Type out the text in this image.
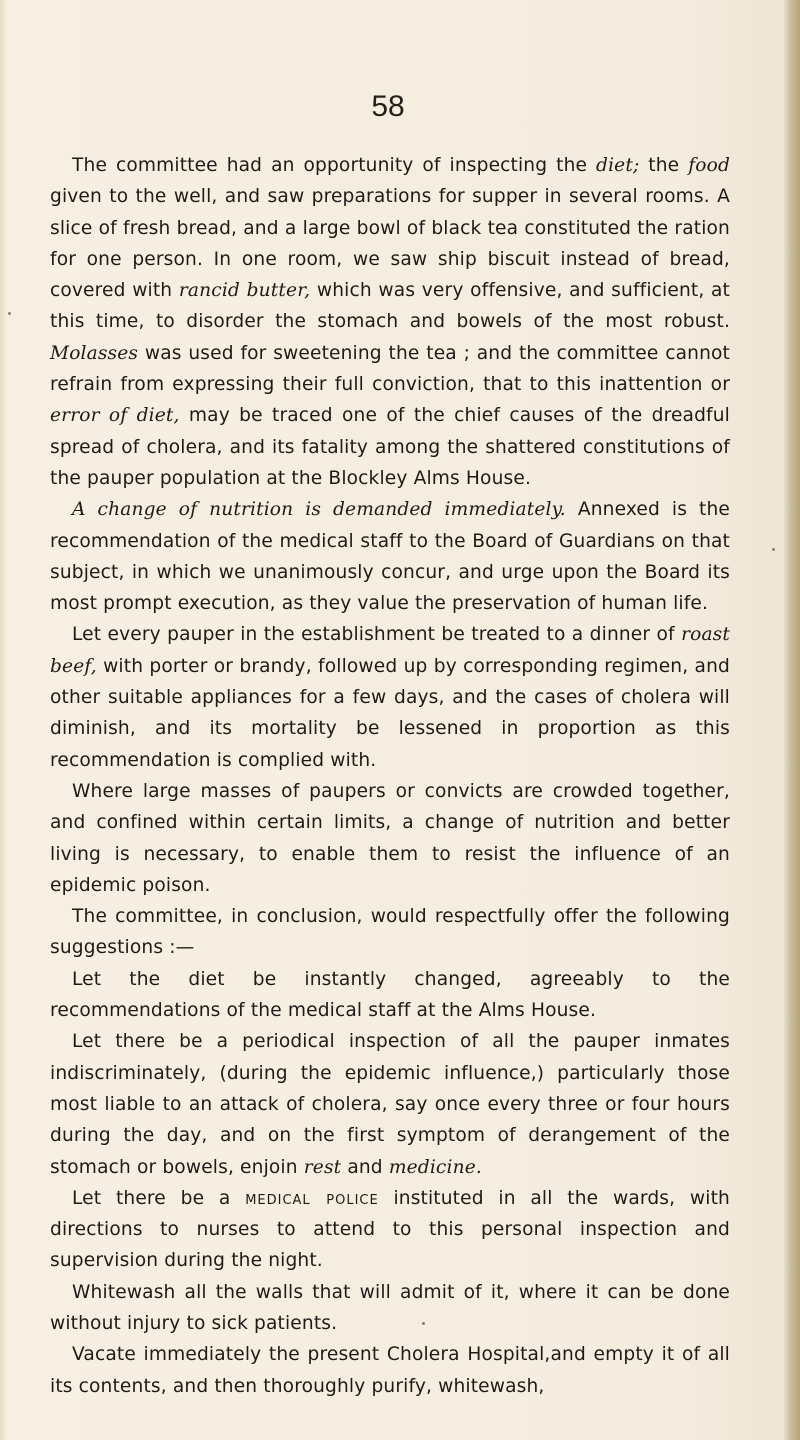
58

The committee had an opportunity of inspecting the diet; the food given to the well, and saw preparations for supper in several rooms. A slice of fresh bread, and a large bowl of black tea constituted the ration for one person. In one room, we saw ship biscuit instead of bread, covered with rancid butter, which was very offensive, and sufficient, at this time, to disorder the stomach and bowels of the most robust. Molasses was used for sweetening the tea ; and the committee cannot refrain from expressing their full conviction, that to this inattention or error of diet, may be traced one of the chief causes of the dreadful spread of cholera, and its fatality among the shattered constitutions of the pauper population at the Blockley Alms House.

A change of nutrition is demanded immediately. Annexed is the recommendation of the medical staff to the Board of Guardians on that subject, in which we unanimously concur, and urge upon the Board its most prompt execution, as they value the preservation of human life.

Let every pauper in the establishment be treated to a dinner of roast beef, with porter or brandy, followed up by corresponding regimen, and other suitable appliances for a few days, and the cases of cholera will diminish, and its mortality be lessened in proportion as this recommendation is complied with.

Where large masses of paupers or convicts are crowded together, and confined within certain limits, a change of nutrition and better living is necessary, to enable them to resist the influence of an epidemic poison.

The committee, in conclusion, would respectfully offer the following suggestions :—

Let the diet be instantly changed, agreeably to the recommendations of the medical staff at the Alms House.

Let there be a periodical inspection of all the pauper inmates indiscriminately, (during the epidemic influence,) particularly those most liable to an attack of cholera, say once every three or four hours during the day, and on the first symptom of derangement of the stomach or bowels, enjoin rest and medicine.

Let there be a medical police instituted in all the wards, with directions to nurses to attend to this personal inspection and supervision during the night.

Whitewash all the walls that will admit of it, where it can be done without injury to sick patients.

Vacate immediately the present Cholera Hospital,and empty it of all its contents, and then thoroughly purify, whitewash,
